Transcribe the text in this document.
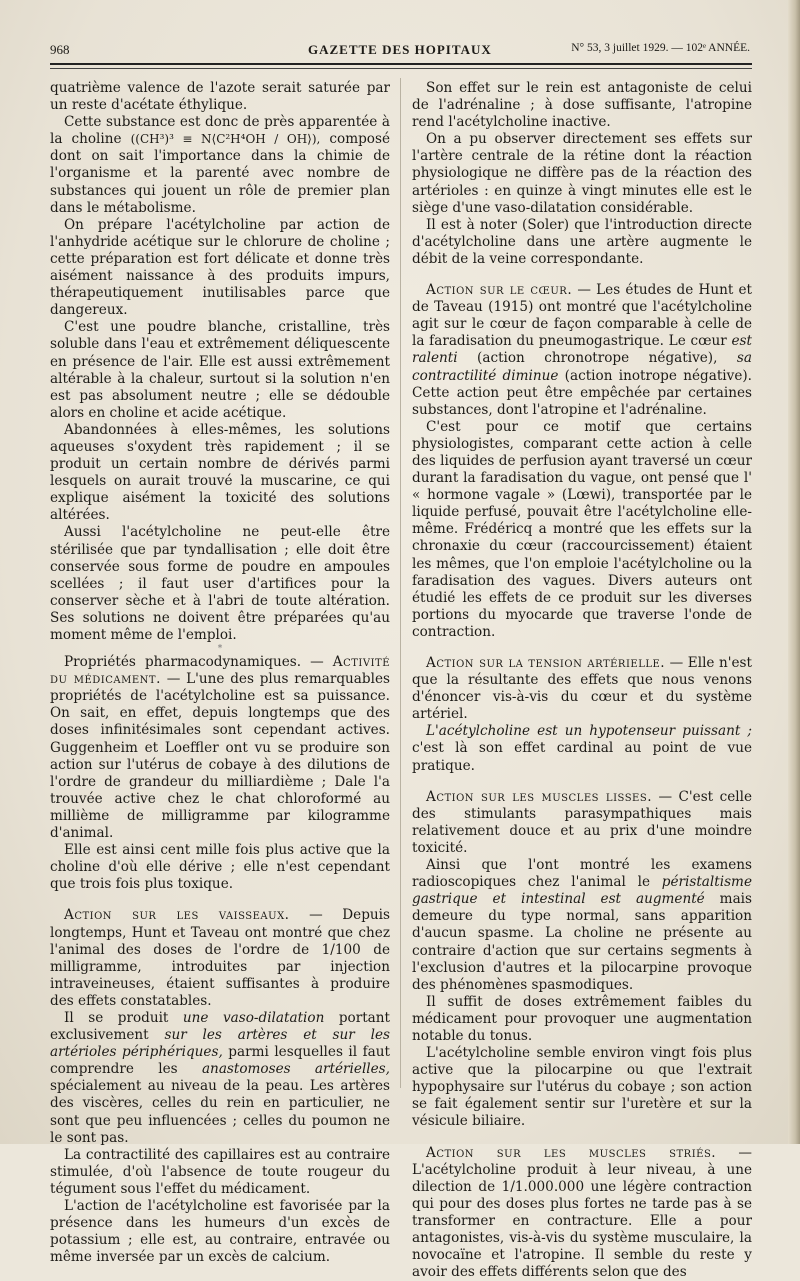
968	GAZETTE DES HOPITAUX	N° 53, 3 juillet 1929. — 102ᵉ ANNÉE.

quatrième valence de l'azote serait saturée par un reste d'acétate éthylique.

Cette substance est donc de près apparentée à la choline ((CH³)³ ≡ N⟨C²H⁴OH / OH⟩), composé dont on sait l'importance dans la chimie de l'organisme et la parenté avec nombre de substances qui jouent un rôle de premier plan dans le métabolisme.

On prépare l'acétylcholine par action de l'anhydride acétique sur le chlorure de choline ; cette préparation est fort délicate et donne très aisément naissance à des produits impurs, thérapeutiquement inutilisables parce que dangereux.

C'est une poudre blanche, cristalline, très soluble dans l'eau et extrêmement déliquescente en présence de l'air. Elle est aussi extrêmement altérable à la chaleur, surtout si la solution n'en est pas absolument neutre ; elle se dédouble alors en choline et acide acétique.

Abandonnées à elles-mêmes, les solutions aqueuses s'oxydent très rapidement ; il se produit un certain nombre de dérivés parmi lesquels on aurait trouvé la muscarine, ce qui explique aisément la toxicité des solutions altérées.

Aussi l'acétylcholine ne peut-elle être stérilisée que par tyndallisation ; elle doit être conservée sous forme de poudre en ampoules scellées ; il faut user d'artifices pour la conserver sèche et à l'abri de toute altération. Ses solutions ne doivent être préparées qu'au moment même de l'emploi.

*

Propriétés pharmacodynamiques. — Activité du médicament. — L'une des plus remarquables propriétés de l'acétylcholine est sa puissance. On sait, en effet, depuis longtemps que des doses infinitésimales sont cependant actives. Guggenheim et Loeffler ont vu se produire son action sur l'utérus de cobaye à des dilutions de l'ordre de grandeur du milliardième ; Dale l'a trouvée active chez le chat chloroformé au millième de milligramme par kilogramme d'animal.

Elle est ainsi cent mille fois plus active que la choline d'où elle dérive ; elle n'est cependant que trois fois plus toxique.

Action sur les vaisseaux. — Depuis longtemps, Hunt et Taveau ont montré que chez l'animal des doses de l'ordre de 1/100 de milligramme, introduites par injection intraveineuses, étaient suffisantes à produire des effets constatables.

Il se produit une vaso-dilatation portant exclusivement sur les artères et sur les artérioles périphériques, parmi lesquelles il faut comprendre les anastomoses artérielles, spécialement au niveau de la peau. Les artères des viscères, celles du rein en particulier, ne sont que peu influencées ; celles du poumon ne le sont pas.

La contractilité des capillaires est au contraire stimulée, d'où l'absence de toute rougeur du tégument sous l'effet du médicament.

L'action de l'acétylcholine est favorisée par la présence dans les humeurs d'un excès de potassium ; elle est, au contraire, entravée ou même inversée par un excès de calcium.

Son effet sur le rein est antagoniste de celui de l'adrénaline ; à dose suffisante, l'atropine rend l'acétylcholine inactive.

On a pu observer directement ses effets sur l'artère centrale de la rétine dont la réaction physiologique ne diffère pas de la réaction des artérioles : en quinze à vingt minutes elle est le siège d'une vaso-dilatation considérable.

Il est à noter (Soler) que l'introduction directe d'acétylcholine dans une artère augmente le débit de la veine correspondante.

Action sur le cœur. — Les études de Hunt et de Taveau (1915) ont montré que l'acétylcholine agit sur le cœur de façon comparable à celle de la faradisation du pneumogastrique. Le cœur est ralenti (action chronotrope négative), sa contractilité diminue (action inotrope négative). Cette action peut être empêchée par certaines substances, dont l'atropine et l'adrénaline.

C'est pour ce motif que certains physiologistes, comparant cette action à celle des liquides de perfusion ayant traversé un cœur durant la faradisation du vague, ont pensé que l' « hormone vagale » (Lœwi), transportée par le liquide perfusé, pouvait être l'acétylcholine elle-même. Frédéricq a montré que les effets sur la chronaxie du cœur (raccourcissement) étaient les mêmes, que l'on emploie l'acétylcholine ou la faradisation des vagues. Divers auteurs ont étudié les effets de ce produit sur les diverses portions du myocarde que traverse l'onde de contraction.

Action sur la tension artérielle. — Elle n'est que la résultante des effets que nous venons d'énoncer vis-à-vis du cœur et du système artériel.

L'acétylcholine est un hypotenseur puissant ; c'est là son effet cardinal au point de vue pratique.

Action sur les muscles lisses. — C'est celle des stimulants parasympathiques mais relativement douce et au prix d'une moindre toxicité.

Ainsi que l'ont montré les examens radioscopiques chez l'animal le péristaltisme gastrique et intestinal est augmenté mais demeure du type normal, sans apparition d'aucun spasme. La choline ne présente au contraire d'action que sur certains segments à l'exclusion d'autres et la pilocarpine provoque des phénomènes spasmodiques.

Il suffit de doses extrêmement faibles du médicament pour provoquer une augmentation notable du tonus.

L'acétylcholine semble environ vingt fois plus active que la pilocarpine ou que l'extrait hypophysaire sur l'utérus du cobaye ; son action se fait également sentir sur l'uretère et sur la vésicule biliaire.

Action sur les muscles striés. — L'acétylcholine produit à leur niveau, à une dilection de 1/1.000.000 une légère contraction qui pour des doses plus fortes ne tarde pas à se transformer en contracture. Elle a pour antagonistes, vis-à-vis du système musculaire, la novocaïne et l'atropine. Il semble du reste y avoir des effets différents selon que des
